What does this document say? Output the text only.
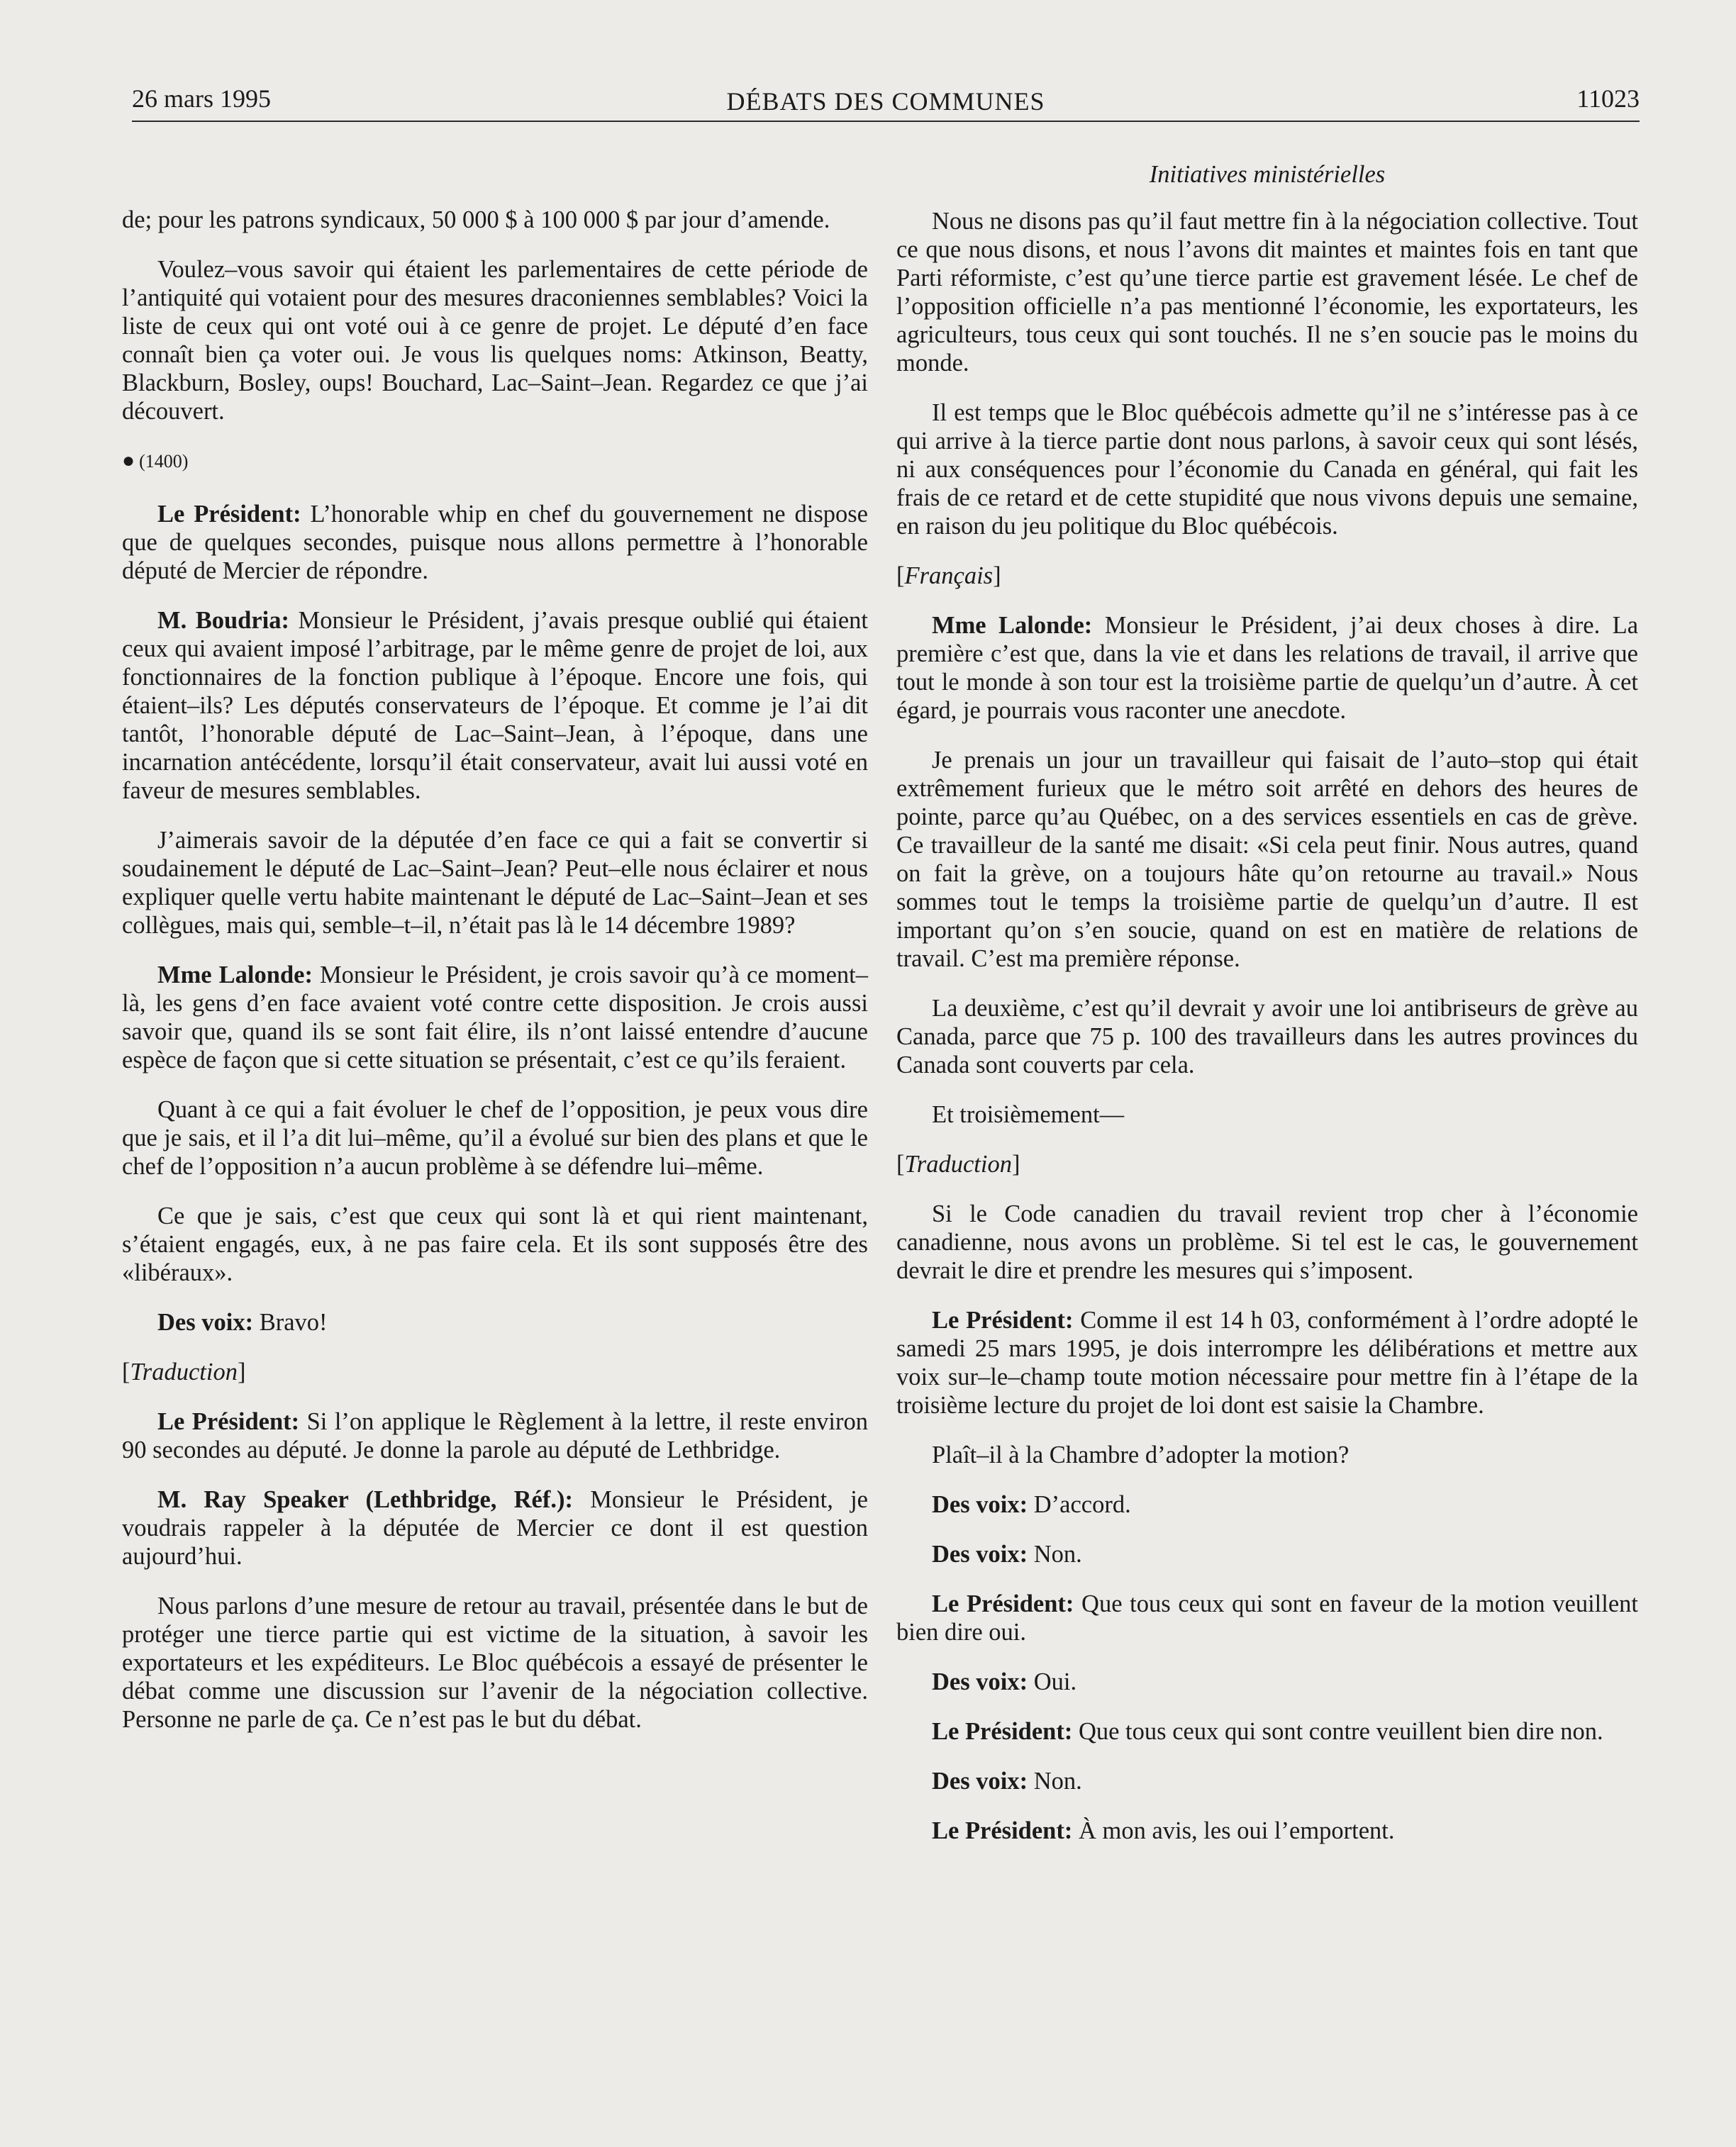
26 mars 1995	DÉBATS DES COMMUNES	11023

de; pour les patrons syndicaux, 50 000 $ à 100 000 $ par jour d’amende.

Voulez–vous savoir qui étaient les parlementaires de cette période de l’antiquité qui votaient pour des mesures draconiennes semblables? Voici la liste de ceux qui ont voté oui à ce genre de projet. Le député d’en face connaît bien ça voter oui. Je vous lis quelques noms: Atkinson, Beatty, Blackburn, Bosley, oups! Bouchard, Lac–Saint–Jean. Regardez ce que j’ai découvert.

● (1400)

Le Président: L’honorable whip en chef du gouvernement ne dispose que de quelques secondes, puisque nous allons permettre à l’honorable député de Mercier de répondre.

M. Boudria: Monsieur le Président, j’avais presque oublié qui étaient ceux qui avaient imposé l’arbitrage, par le même genre de projet de loi, aux fonctionnaires de la fonction publique à l’époque. Encore une fois, qui étaient–ils? Les députés conservateurs de l’époque. Et comme je l’ai dit tantôt, l’honorable député de Lac–Saint–Jean, à l’époque, dans une incarnation antécédente, lorsqu’il était conservateur, avait lui aussi voté en faveur de mesures semblables.

J’aimerais savoir de la députée d’en face ce qui a fait se convertir si soudainement le député de Lac–Saint–Jean? Peut–elle nous éclairer et nous expliquer quelle vertu habite maintenant le député de Lac–Saint–Jean et ses collègues, mais qui, semble–t–il, n’était pas là le 14 décembre 1989?

Mme Lalonde: Monsieur le Président, je crois savoir qu’à ce moment–là, les gens d’en face avaient voté contre cette disposition. Je crois aussi savoir que, quand ils se sont fait élire, ils n’ont laissé entendre d’aucune espèce de façon que si cette situation se présentait, c’est ce qu’ils feraient.

Quant à ce qui a fait évoluer le chef de l’opposition, je peux vous dire que je sais, et il l’a dit lui–même, qu’il a évolué sur bien des plans et que le chef de l’opposition n’a aucun problème à se défendre lui–même.

Ce que je sais, c’est que ceux qui sont là et qui rient maintenant, s’étaient engagés, eux, à ne pas faire cela. Et ils sont supposés être des «libéraux».

Des voix: Bravo!

[Traduction]

Le Président: Si l’on applique le Règlement à la lettre, il reste environ 90 secondes au député. Je donne la parole au député de Lethbridge.

M. Ray Speaker (Lethbridge, Réf.): Monsieur le Président, je voudrais rappeler à la députée de Mercier ce dont il est question aujourd’hui.

Nous parlons d’une mesure de retour au travail, présentée dans le but de protéger une tierce partie qui est victime de la situation, à savoir les exportateurs et les expéditeurs. Le Bloc québécois a essayé de présenter le débat comme une discussion sur l’avenir de la négociation collective. Personne ne parle de ça. Ce n’est pas le but du débat.

Initiatives ministérielles

Nous ne disons pas qu’il faut mettre fin à la négociation collective. Tout ce que nous disons, et nous l’avons dit maintes et maintes fois en tant que Parti réformiste, c’est qu’une tierce partie est gravement lésée. Le chef de l’opposition officielle n’a pas mentionné l’économie, les exportateurs, les agriculteurs, tous ceux qui sont touchés. Il ne s’en soucie pas le moins du monde.

Il est temps que le Bloc québécois admette qu’il ne s’intéresse pas à ce qui arrive à la tierce partie dont nous parlons, à savoir ceux qui sont lésés, ni aux conséquences pour l’économie du Canada en général, qui fait les frais de ce retard et de cette stupidité que nous vivons depuis une semaine, en raison du jeu politique du Bloc québécois.

[Français]

Mme Lalonde: Monsieur le Président, j’ai deux choses à dire. La première c’est que, dans la vie et dans les relations de travail, il arrive que tout le monde à son tour est la troisième partie de quelqu’un d’autre. À cet égard, je pourrais vous raconter une anecdote.

Je prenais un jour un travailleur qui faisait de l’auto–stop qui était extrêmement furieux que le métro soit arrêté en dehors des heures de pointe, parce qu’au Québec, on a des services essentiels en cas de grève. Ce travailleur de la santé me disait: «Si cela peut finir. Nous autres, quand on fait la grève, on a toujours hâte qu’on retourne au travail.» Nous sommes tout le temps la troisième partie de quelqu’un d’autre. Il est important qu’on s’en soucie, quand on est en matière de relations de travail. C’est ma première réponse.

La deuxième, c’est qu’il devrait y avoir une loi antibriseurs de grève au Canada, parce que 75 p. 100 des travailleurs dans les autres provinces du Canada sont couverts par cela.

Et troisièmement—

[Traduction]

Si le Code canadien du travail revient trop cher à l’économie canadienne, nous avons un problème. Si tel est le cas, le gouvernement devrait le dire et prendre les mesures qui s’imposent.

Le Président: Comme il est 14 h 03, conformément à l’ordre adopté le samedi 25 mars 1995, je dois interrompre les délibérations et mettre aux voix sur–le–champ toute motion nécessaire pour mettre fin à l’étape de la troisième lecture du projet de loi dont est saisie la Chambre.

Plaît–il à la Chambre d’adopter la motion?

Des voix: D’accord.

Des voix: Non.

Le Président: Que tous ceux qui sont en faveur de la motion veuillent bien dire oui.

Des voix: Oui.

Le Président: Que tous ceux qui sont contre veuillent bien dire non.

Des voix: Non.

Le Président: À mon avis, les oui l’emportent.
